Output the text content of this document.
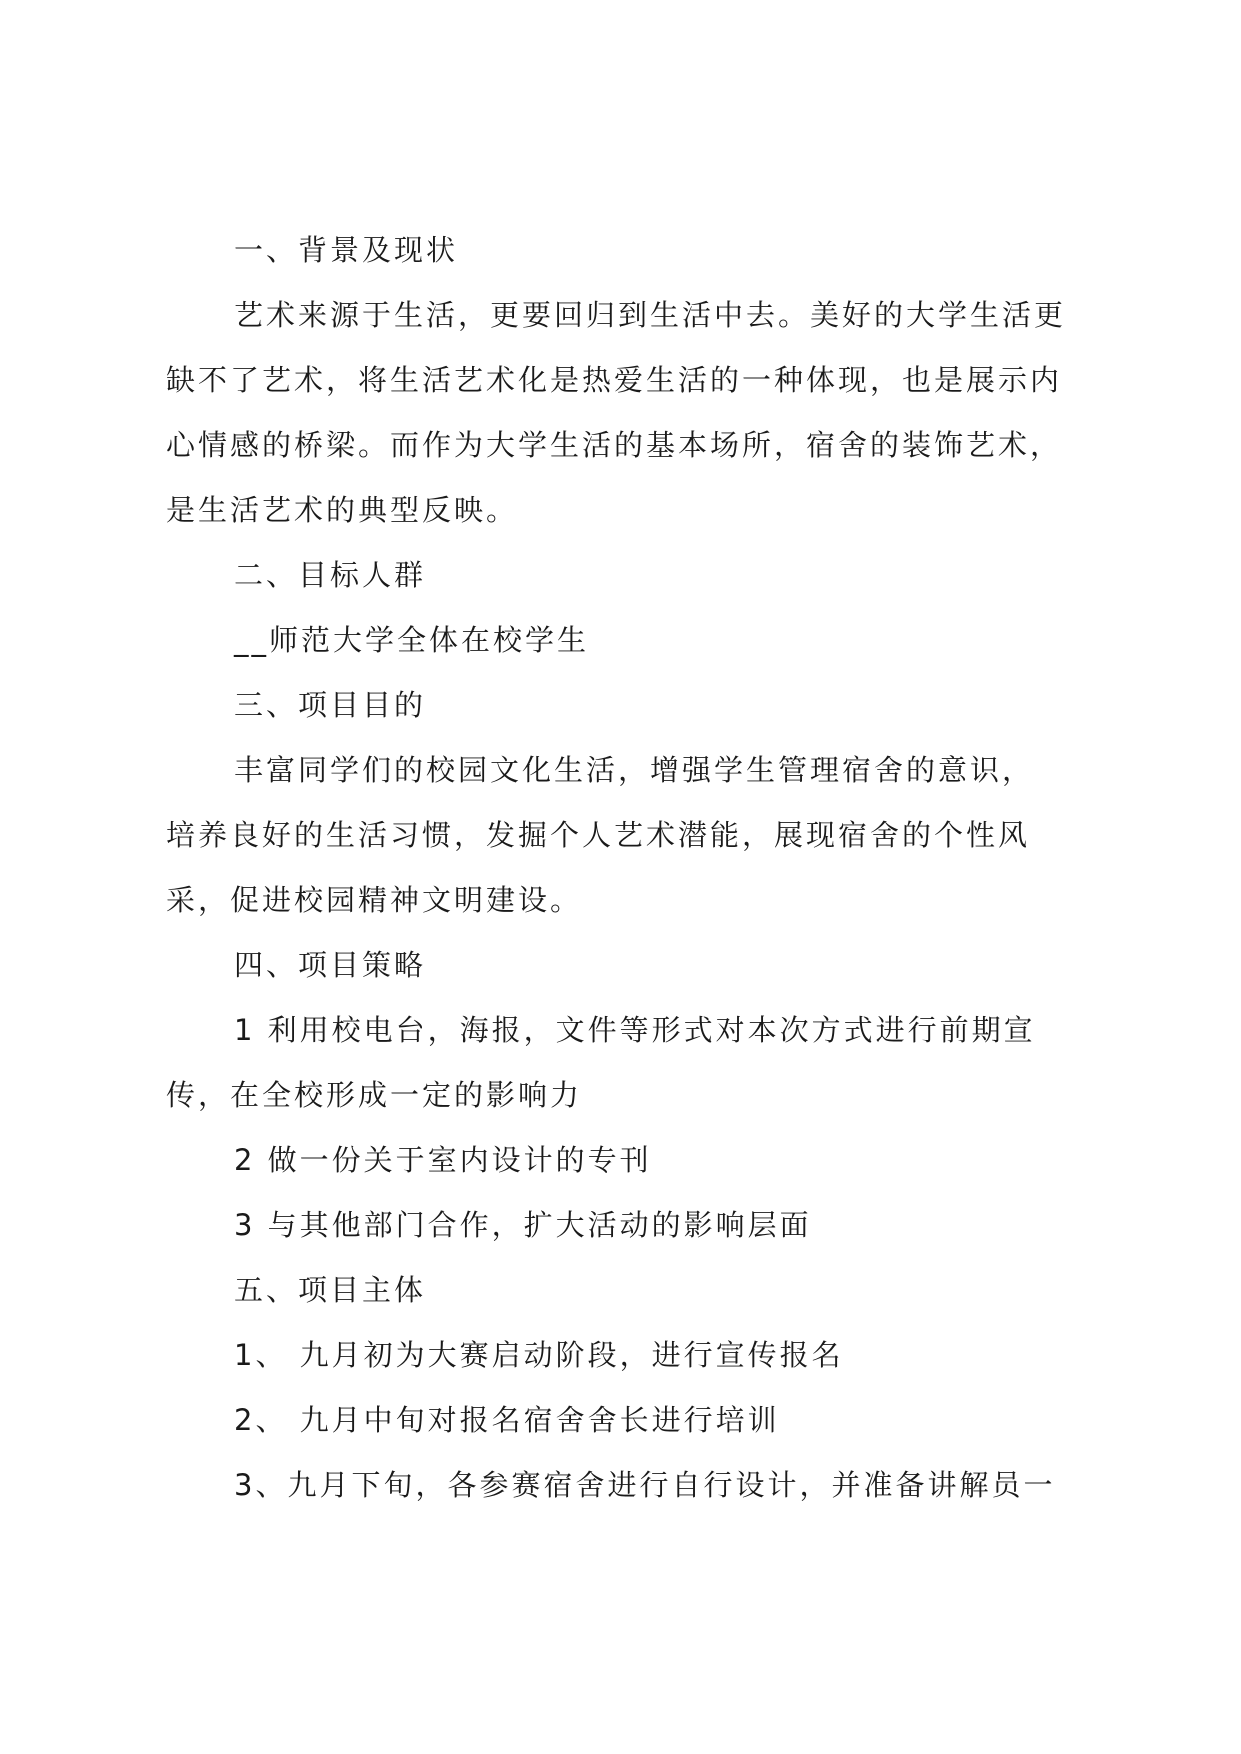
一、背景及现状
艺术来源于生活，更要回归到生活中去。美好的大学生活更
缺不了艺术，将生活艺术化是热爱生活的一种体现，也是展示内
心情感的桥梁。而作为大学生活的基本场所，宿舍的装饰艺术，
是生活艺术的典型反映。
二、目标人群
__师范大学全体在校学生
三、项目目的
丰富同学们的校园文化生活，增强学生管理宿舍的意识，
培养良好的生活习惯，发掘个人艺术潜能，展现宿舍的个性风
采，促进校园精神文明建设。
四、项目策略
1 利用校电台，海报，文件等形式对本次方式进行前期宣
传，在全校形成一定的影响力
2 做一份关于室内设计的专刊
3 与其他部门合作，扩大活动的影响层面
五、项目主体
1、 九月初为大赛启动阶段，进行宣传报名
2、 九月中旬对报名宿舍舍长进行培训
3、九月下旬，各参赛宿舍进行自行设计，并准备讲解员一
